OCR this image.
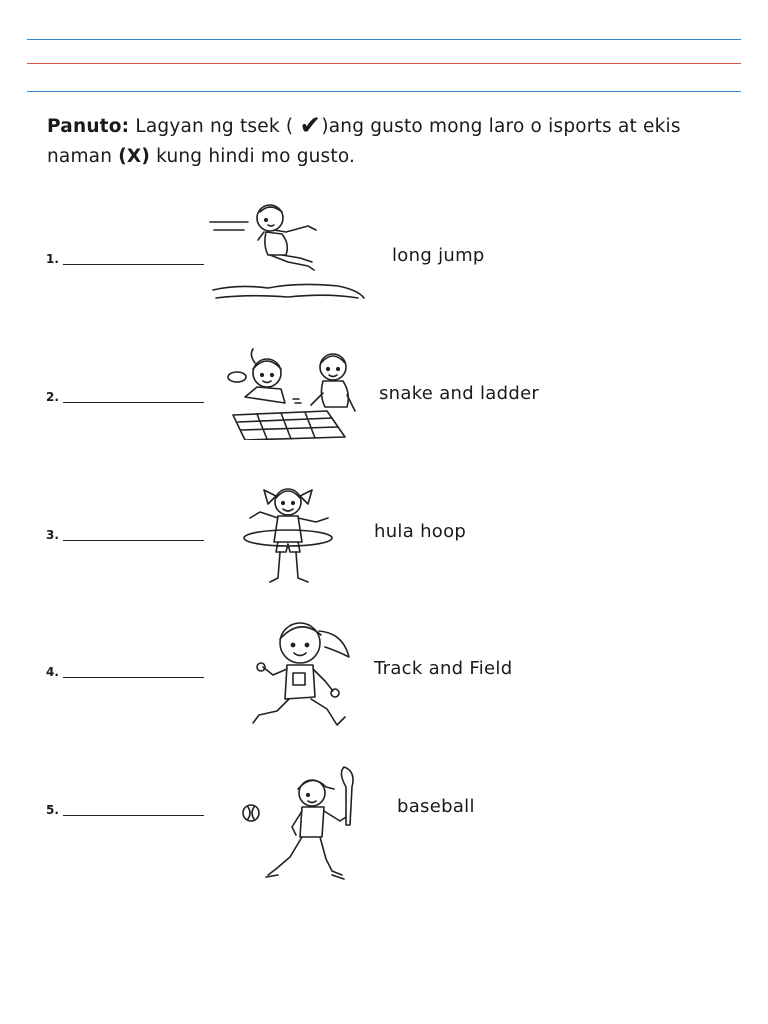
Panuto: Lagyan ng tsek ( ✔)ang gusto mong laro o isports at ekis naman (X) kung hindi mo gusto.
1.	long jump
2.	snake and ladder
3.	hula hoop
4.	Track and Field
5.	baseball
